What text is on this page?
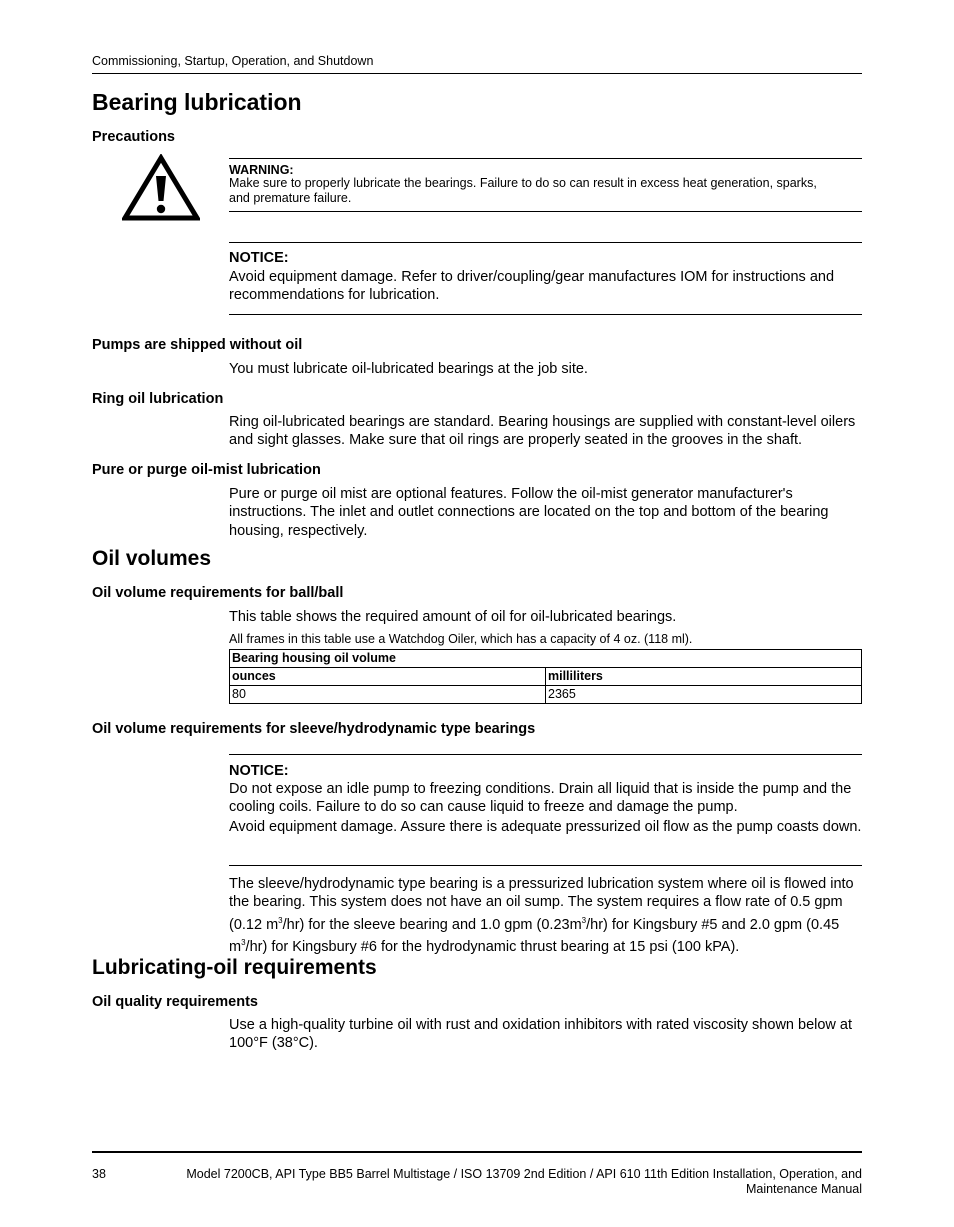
Commissioning, Startup, Operation, and Shutdown
Bearing lubrication
Precautions
WARNING:
Make sure to properly lubricate the bearings. Failure to do so can result in excess heat generation, sparks, and premature failure.
NOTICE:
Avoid equipment damage. Refer to driver/coupling/gear manufactures IOM for instructions and recommendations for lubrication.
Pumps are shipped without oil
You must lubricate oil-lubricated bearings at the job site.
Ring oil lubrication
Ring oil-lubricated bearings are standard. Bearing housings are supplied with constant-level oilers and sight glasses. Make sure that oil rings are properly seated in the grooves in the shaft.
Pure or purge oil-mist lubrication
Pure or purge oil mist are optional features. Follow the oil-mist generator manufacturer's instructions. The inlet and outlet connections are located on the top and bottom of the bearing housing, respectively.
Oil volumes
Oil volume requirements for ball/ball
This table shows the required amount of oil for oil-lubricated bearings.
All frames in this table use a Watchdog Oiler, which has a capacity of 4 oz. (118 ml).
Bearing housing oil volume	
ounces	milliliters
80	2365
Oil volume requirements for sleeve/hydrodynamic type bearings
NOTICE:
Do not expose an idle pump to freezing conditions. Drain all liquid that is inside the pump and the cooling coils. Failure to do so can cause liquid to freeze and damage the pump.
Avoid equipment damage. Assure there is adequate pressurized oil flow as the pump coasts down.
The sleeve/hydrodynamic type bearing is a pressurized lubrication system where oil is flowed into the bearing. This system does not have an oil sump. The system requires a flow rate of 0.5 gpm (0.12 $m^3/hr$) for the sleeve bearing and 1.0 gpm $(0.23m^3/hr)$ for Kingsbury #5 and 2.0 gpm (0.45 $m^3/hr$) for Kingsbury #6 for the hydrodynamic thrust bearing at 15 psi (100 kPA).
Lubricating-oil requirements
Oil quality requirements
Use a high-quality turbine oil with rust and oxidation inhibitors with rated viscosity shown below at 100°F (38°C).
38	Model 7200CB, API Type BB5 Barrel Multistage / ISO 13709 2nd Edition / API 610 11th Edition Installation, Operation, and
Maintenance Manual
